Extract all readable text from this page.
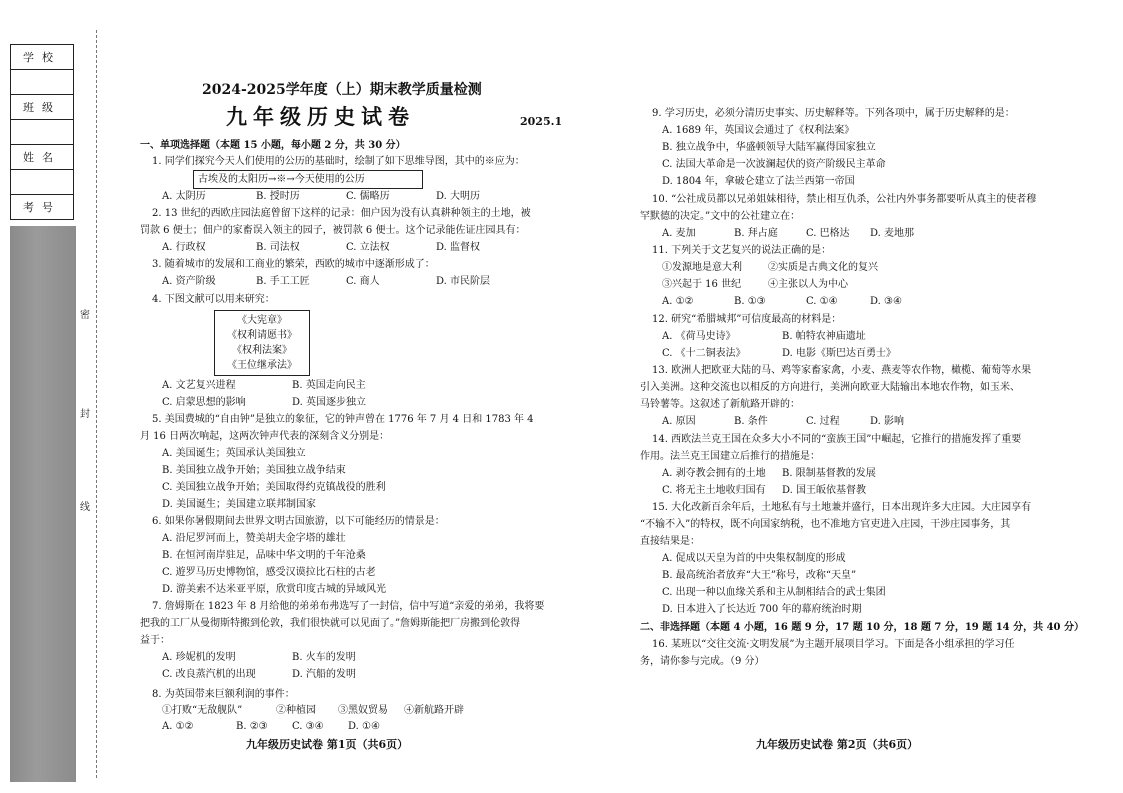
学校

班级

姓名

考号
密
封
线
2024-2025学年度（上）期末教学质量检测
九年级历史试卷	2025.1
一、单项选择题（本题 15 小题，每小题 2 分，共 30 分）
1. 同学们探究今天人们使用的公历的基础时，绘制了如下思维导图，其中的※应为：
古埃及的太阳历→※→今天使用的公历
A. 太阴历	B. 授时历	C. 儒略历	D. 大明历
2. 13 世纪的西欧庄园法庭曾留下这样的记录：佃户因为没有认真耕种领主的土地，被
罚款 6 便士；佃户的家畜误入领主的园子，被罚款 6 便士。这个记录能佐证庄园具有：
A. 行政权	B. 司法权	C. 立法权	D. 监督权
3. 随着城市的发展和工商业的繁荣，西欧的城市中逐渐形成了：
A. 资产阶级	B. 手工工匠	C. 商人	D. 市民阶层
4. 下图文献可以用来研究：
《大宪章》
《权利请愿书》
《权利法案》
《王位继承法》
A. 文艺复兴进程	B. 英国走向民主
C. 启蒙思想的影响	D. 英国逐步独立
5. 美国费城的“自由钟”是独立的象征，它的钟声曾在 1776 年 7 月 4 日和 1783 年 4
月 16 日两次响起，这两次钟声代表的深刻含义分别是：
A. 美国诞生；英国承认美国独立
B. 美国独立战争开始；美国独立战争结束
C. 美国独立战争开始；美国取得约克镇战役的胜利
D. 美国诞生；美国建立联邦制国家
6. 如果你暑假期间去世界文明古国旅游，以下可能经历的情景是：
A. 沿尼罗河而上，赞美胡夫金字塔的雄壮
B. 在恒河南岸驻足，品味中华文明的千年沧桑
C. 遊罗马历史博物馆，感受汉谟拉比石柱的古老
D. 游美索不达米亚平原，欣赏印度古城的异域风光
7. 詹姆斯在 1823 年 8 月给他的弟弟布弗选写了一封信，信中写道“亲爱的弟弟，我将要
把我的工厂从曼彻斯特搬到伦敦，我们很快就可以见面了。”詹姆斯能把厂房搬到伦敦得
益于：
A. 珍妮机的发明	B. 火车的发明
C. 改良蒸汽机的出现	D. 汽船的发明
8. 为英国带来巨额利润的事件：
①打败“无敌舰队”	②种植园 ③黑奴贸易 ④新航路开辟
A. ①②	B. ②③ C. ③④ D. ①④
九年级历史试卷 第1页（共6页）
9. 学习历史，必须分清历史事实、历史解释等。下列各项中，属于历史解释的是：
A. 1689 年，英国议会通过了《权利法案》
B. 独立战争中，华盛顿领导大陆军赢得国家独立
C. 法国大革命是一次波澜起伏的资产阶级民主革命
D. 1804 年，拿破仑建立了法兰西第一帝国
10. “公社成员都以兄弟姐妹相待，禁止相互仇杀，公社内外事务都要听从真主的使者穆
罕默德的决定。”文中的公社建立在：
A. 麦加	B. 拜占庭	C. 巴格达 D. 麦地那
11. 下列关于文艺复兴的说法正确的是：
①发源地是意大利	②实质是古典文化的复兴
③兴起于 16 世纪	④主张以人为中心
A. ①②	B. ①③	C. ①④	D. ③④
12. 研究“希腊城邦”可信度最高的材料是：
A. 《荷马史诗》	B. 帕特农神庙遗址
C. 《十二铜表法》	D. 电影《斯巴达百勇士》
13. 欧洲人把欧亚大陆的马、鸡等家畜家禽，小麦、燕麦等农作物，橄榄、葡萄等水果
引入美洲。这种交流也以相反的方向进行，美洲向欧亚大陆输出本地农作物，如玉米、
马铃薯等。这叙述了新航路开辟的：
A. 原因	B. 条件	C. 过程	D. 影响
14. 西欧法兰克王国在众多大小不同的“蛮族王国”中崛起，它推行的措施发挥了重要
作用。法兰克王国建立后推行的措施是：
A. 剥夺教会拥有的土地 B. 限制基督教的发展
C. 将无主土地收归国有 D. 国王皈依基督教
15. 大化改新百余年后，土地私有与土地兼并盛行，日本出现许多大庄园。大庄园享有
“不输不入”的特权，既不向国家纳税，也不准地方官吏进入庄园，干涉庄园事务，其
直接结果是：
A. 促成以天皇为首的中央集权制度的形成
B. 最高统治者放弃“大王”称号，改称“天皇”
C. 出现一种以血缘关系和主从制相结合的武士集团
D. 日本进入了长达近 700 年的幕府统治时期
二、非选择题（本题 4 小题，16 题 9 分，17 题 10 分，18 题 7 分，19 题 14 分，共 40 分）
16. 某班以“交往交流·文明发展”为主题开展项目学习。下面是各小组承担的学习任
务，请你参与完成。（9 分）
九年级历史试卷 第2页（共6页）
